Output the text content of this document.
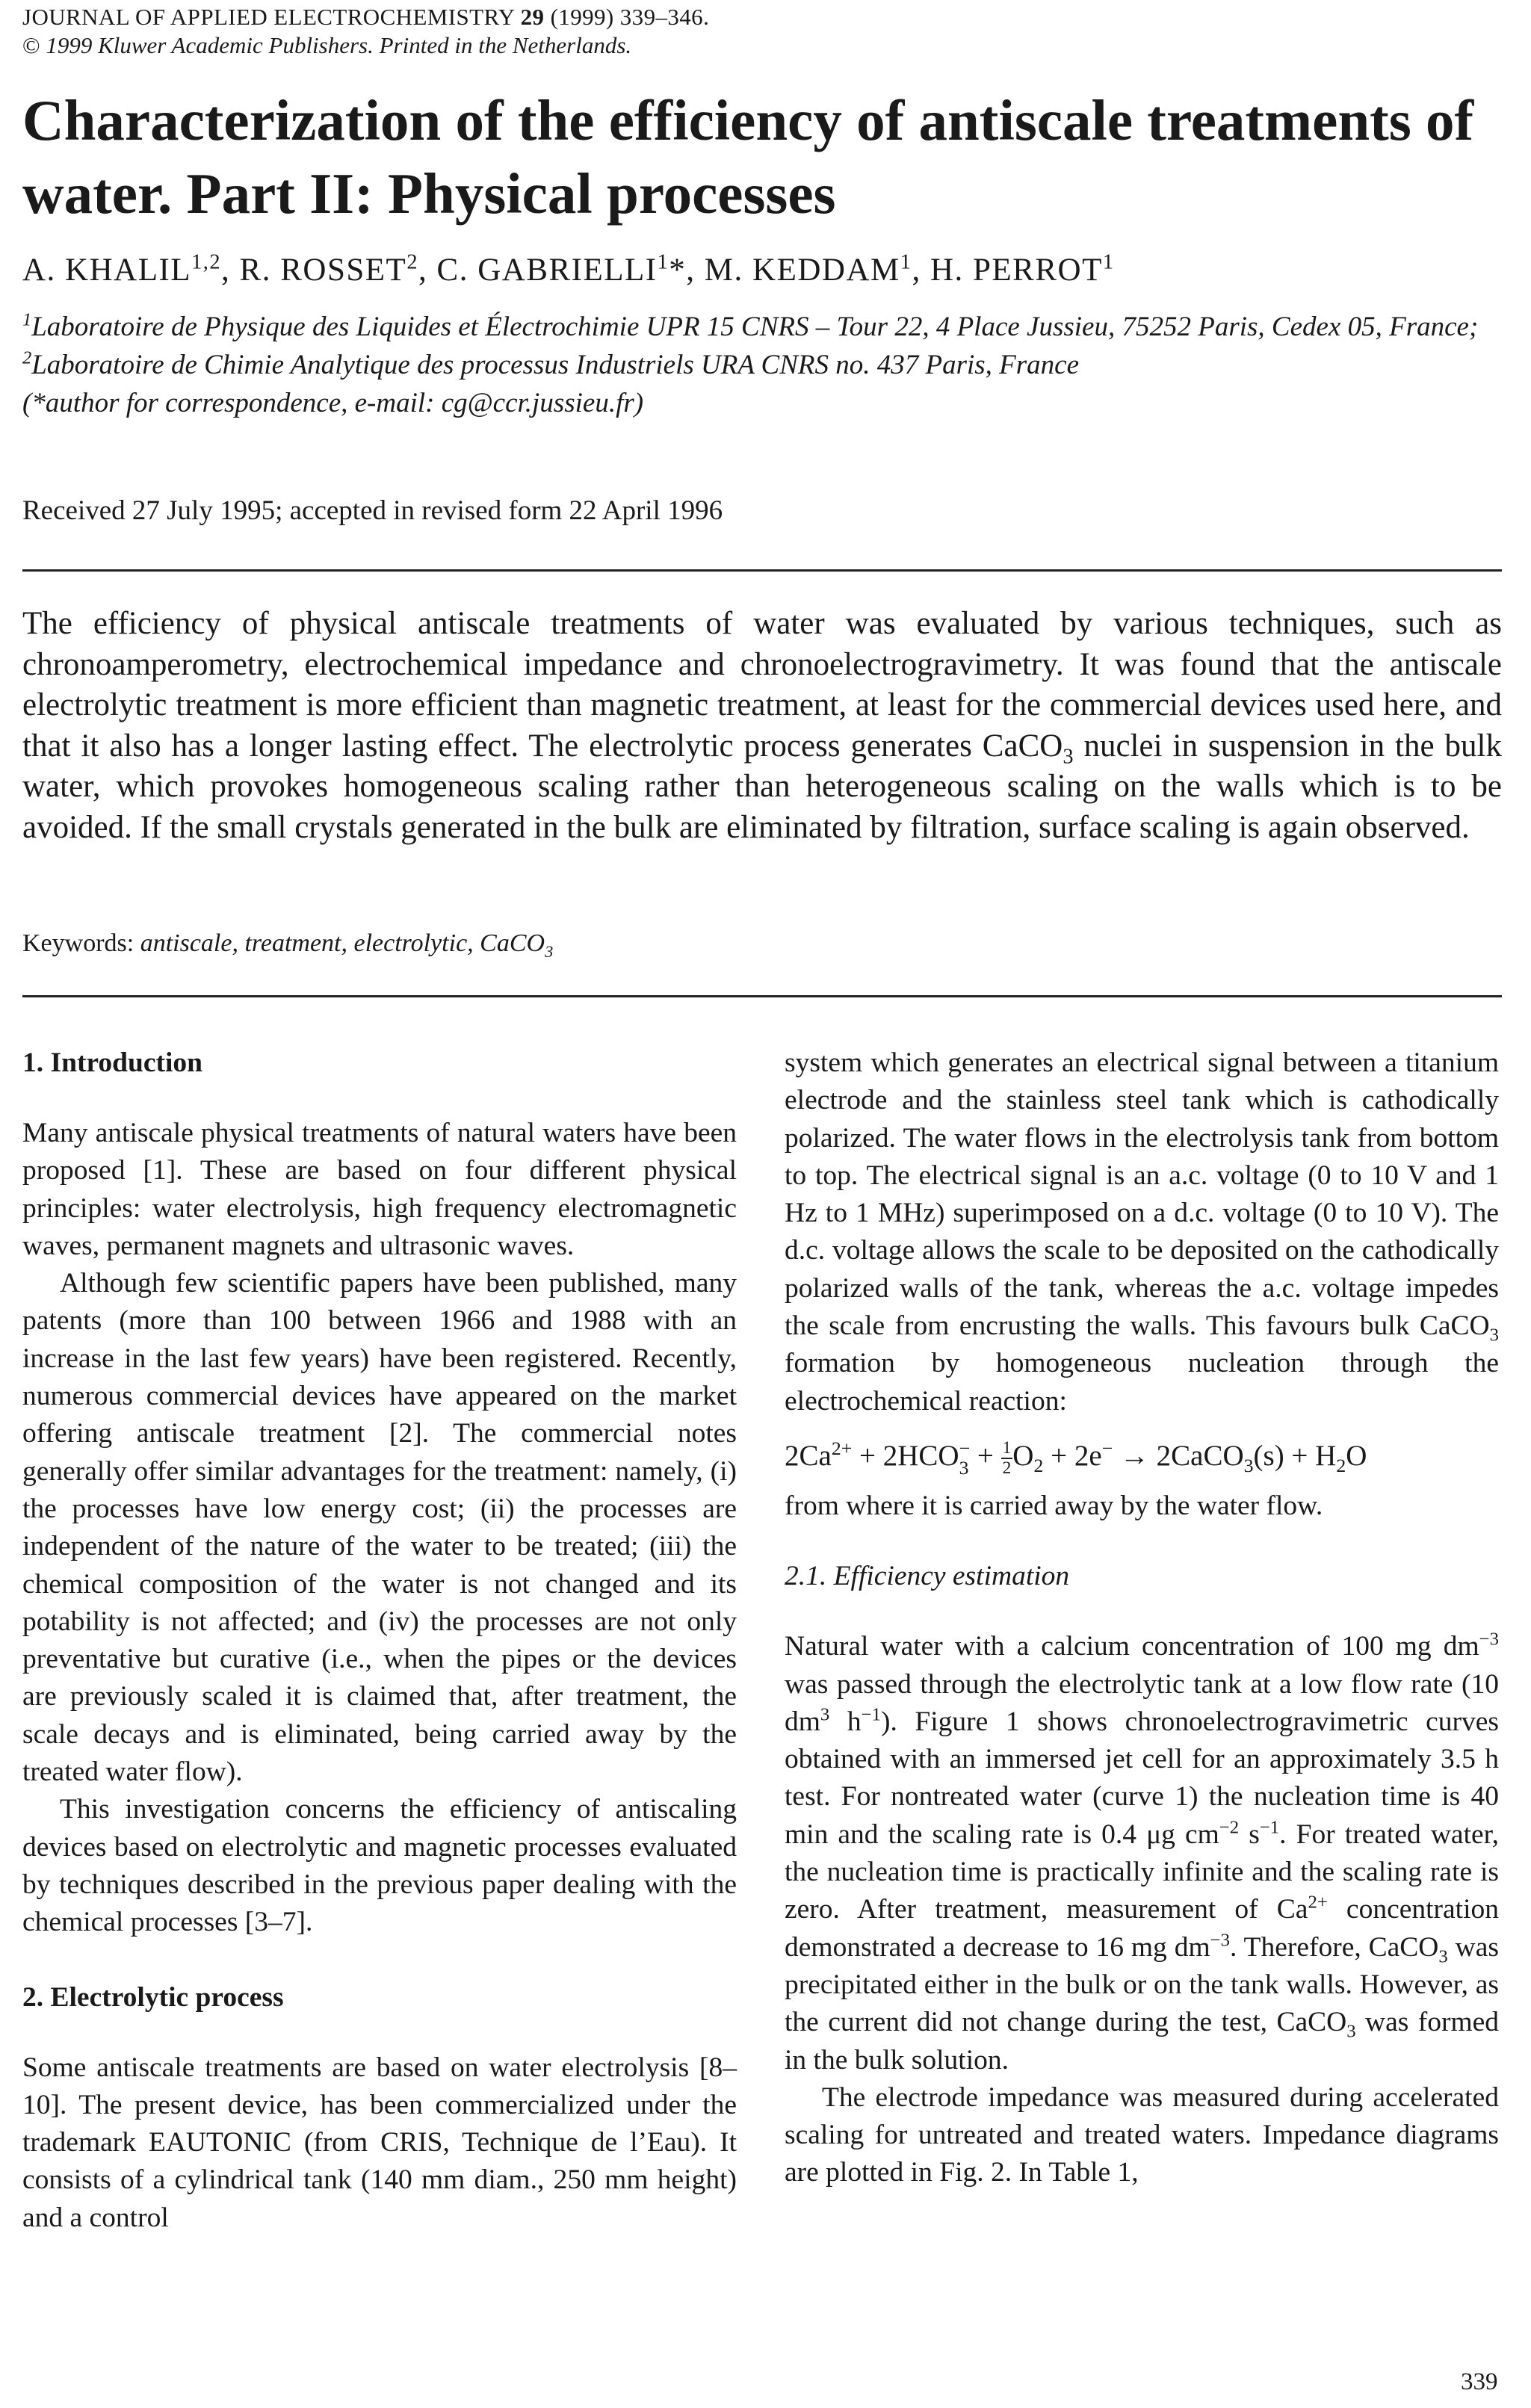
JOURNAL OF APPLIED ELECTROCHEMISTRY 29 (1999) 339–346.
© 1999 Kluwer Academic Publishers. Printed in the Netherlands.
Characterization of the efficiency of antiscale treatments of water. Part II: Physical processes
A. KHALIL$^{1,2}$, R. ROSSET$^2$, C. GABRIELLI$^1$*, M. KEDDAM$^1$, H. PERROT$^1$
$^1$Laboratoire de Physique des Liquides et Électrochimie UPR 15 CNRS – Tour 22, 4 Place Jussieu, 75252 Paris, Cedex 05, France; $^2$Laboratoire de Chimie Analytique des processus Industriels URA CNRS no. 437 Paris, France
(*author for correspondence, e-mail: cg@ccr.jussieu.fr)
Received 27 July 1995; accepted in revised form 22 April 1996

The efficiency of physical antiscale treatments of water was evaluated by various techniques, such as chronoamperometry, electrochemical impedance and chronoelectrogravimetry. It was found that the antiscale electrolytic treatment is more efficient than magnetic treatment, at least for the commercial devices used here, and that it also has a longer lasting effect. The electrolytic process generates CaCO$_3$ nuclei in suspension in the bulk water, which provokes homogeneous scaling rather than heterogeneous scaling on the walls which is to be avoided. If the small crystals generated in the bulk are eliminated by filtration, surface scaling is again observed.

Keywords: antiscale, treatment, electrolytic, CaCO$_3$
1. Introduction

Many antiscale physical treatments of natural waters have been proposed [1]. These are based on four different physical principles: water electrolysis, high frequency electromagnetic waves, permanent magnets and ultrasonic waves.

Although few scientific papers have been published, many patents (more than 100 between 1966 and 1988 with an increase in the last few years) have been registered. Recently, numerous commercial devices have appeared on the market offering antiscale treatment [2]. The commercial notes generally offer similar advantages for the treatment: namely, (i) the processes have low energy cost; (ii) the processes are independent of the nature of the water to be treated; (iii) the chemical composition of the water is not changed and its potability is not affected; and (iv) the processes are not only preventative but curative (i.e., when the pipes or the devices are previously scaled it is claimed that, after treatment, the scale decays and is eliminated, being carried away by the treated water flow).

This investigation concerns the efficiency of antiscaling devices based on electrolytic and magnetic processes evaluated by techniques described in the previous paper dealing with the chemical processes [3–7].

2. Electrolytic process

Some antiscale treatments are based on water electrolysis [8–10]. The present device, has been commercialized under the trademark EAUTONIC (from CRIS, Technique de l’Eau). It consists of a cylindrical tank (140 mm diam., 250 mm height) and a control

system which generates an electrical signal between a titanium electrode and the stainless steel tank which is cathodically polarized. The water flows in the electrolysis tank from bottom to top. The electrical signal is an a.c. voltage (0 to 10 V and 1 Hz to 1 MHz) superimposed on a d.c. voltage (0 to 10 V). The d.c. voltage allows the scale to be deposited on the cathodically polarized walls of the tank, whereas the a.c. voltage impedes the scale from encrusting the walls. This favours bulk CaCO$_3$ formation by homogeneous nucleation through the electrochemical reaction:

$2Ca^{2+} + 2HCO$ −
$3 + \frac{1}{2} O_2 + 2e^-$ → 2CaCO$_3$(s) + $H_2O$

from where it is carried away by the water flow.

2.1. Efficiency estimation

Natural water with a calcium concentration of 100 mg $dm^{-3}$ was passed through the electrolytic tank at a low flow rate (10 $dm^3$ $h^{-1}$). Figure 1 shows chronoelectrogravimetric curves obtained with an immersed jet cell for an approximately 3.5 h test. For nontreated water (curve 1) the nucleation time is 40 min and the scaling rate is 0.4 μg $cm^{-2}$ $s^{-1}$. For treated water, the nucleation time is practically infinite and the scaling rate is zero. After treatment, measurement of $Ca^{2+}$ concentration demonstrated a decrease to 16 mg $dm^{-3}$. Therefore, CaCO$_3$ was precipitated either in the bulk or on the tank walls. However, as the current did not change during the test, CaCO$_3$ was formed in the bulk solution.

The electrode impedance was measured during accelerated scaling for untreated and treated waters. Impedance diagrams are plotted in Fig. 2. In Table 1,

339
